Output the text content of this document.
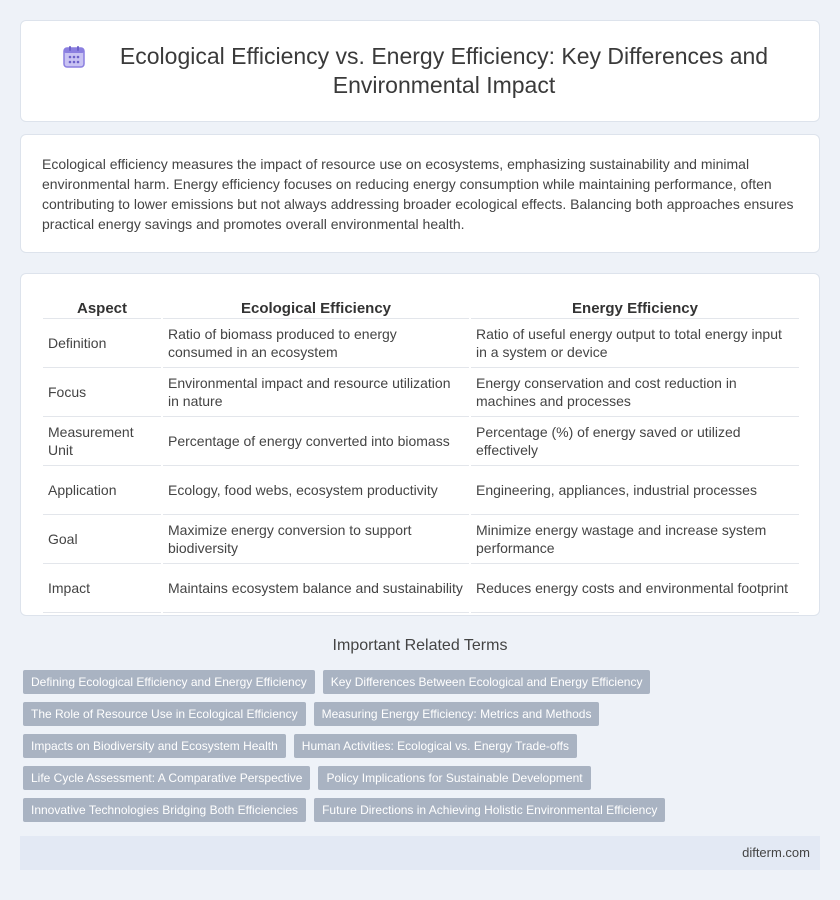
Ecological Efficiency vs. Energy Efficiency: Key Differences and Environmental Impact

Ecological efficiency measures the impact of resource use on ecosystems, emphasizing sustainability and minimal environmental harm. Energy efficiency focuses on reducing energy consumption while maintaining performance, often contributing to lower emissions but not always addressing broader ecological effects. Balancing both approaches ensures practical energy savings and promotes overall environmental health.

Aspect		Ecological Efficiency		Energy Efficiency
Definition		Ratio of biomass produced to energy consumed in an ecosystem		Ratio of useful energy output to total energy input in a system or device
Focus		Environmental impact and resource utilization in nature		Energy conservation and cost reduction in machines and processes
Measurement Unit		Percentage of energy converted into biomass		Percentage (%) of energy saved or utilized effectively
Application		Ecology, food webs, ecosystem productivity		Engineering, appliances, industrial processes
Goal		Maximize energy conversion to support biodiversity		Minimize energy wastage and increase system performance
Impact		Maintains ecosystem balance and sustainability		Reduces energy costs and environmental footprint
Important Related Terms
Defining Ecological Efficiency and Energy Efficiency	Key Differences Between Ecological and Energy Efficiency
The Role of Resource Use in Ecological Efficiency	Measuring Energy Efficiency: Metrics and Methods
Impacts on Biodiversity and Ecosystem Health	Human Activities: Ecological vs. Energy Trade-offs
Life Cycle Assessment: A Comparative Perspective	Policy Implications for Sustainable Development
Innovative Technologies Bridging Both Efficiencies	Future Directions in Achieving Holistic Environmental Efficiency
difterm.com
